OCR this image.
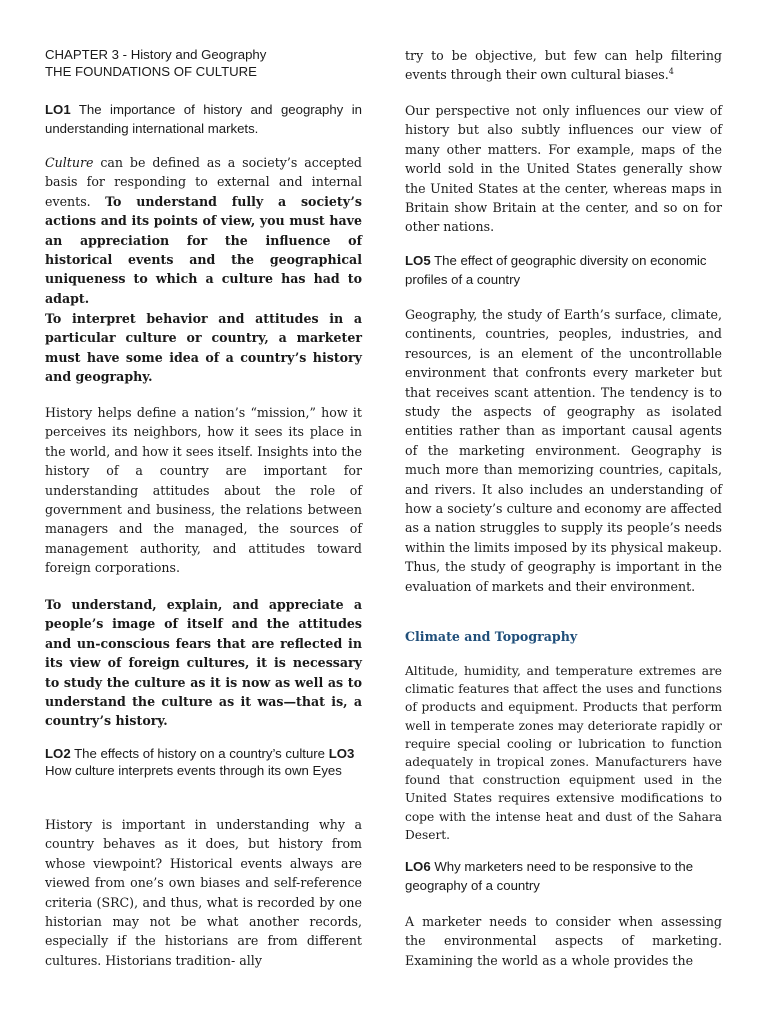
CHAPTER 3 - History and Geography
THE FOUNDATIONS OF CULTURE

LO1 The importance of history and geography in understanding international markets.

Culture can be defined as a society’s accepted basis for responding to external and internal events. To understand fully a society’s actions and its points of view, you must have an appreciation for the influence of historical events and the geographical uniqueness to which a culture has had to adapt.

To interpret behavior and attitudes in a particular culture or country, a marketer must have some idea of a country’s history and geography.

History helps define a nation’s “mission,” how it perceives its neighbors, how it sees its place in the world, and how it sees itself. Insights into the history of a country are important for understanding attitudes about the role of government and business, the relations between managers and the managed, the sources of management authority, and attitudes toward foreign corporations.

To understand, explain, and appreciate a people’s image of itself and the attitudes and un-conscious fears that are reflected in its view of foreign cultures, it is necessary to study the culture as it is now as well as to understand the culture as it was—that is, a country’s history.

LO2 The effects of history on a country’s culture LO3
How culture interprets events through its own Eyes

History is important in understanding why a country behaves as it does, but history from whose viewpoint? Historical events always are viewed from one’s own biases and self-reference criteria (SRC), and thus, what is recorded by one historian may not be what another records, especially if the historians are from different cultures. Historians tradition- ally

try to be objective, but few can help filtering events through their own cultural biases.$^4$

Our perspective not only influences our view of history but also subtly influences our view of many other matters. For example, maps of the world sold in the United States generally show the United States at the center, whereas maps in Britain show Britain at the center, and so on for other nations.

LO5 The effect of geographic diversity on economic profiles of a country

Geography, the study of Earth’s surface, climate, continents, countries, peoples, industries, and resources, is an element of the uncontrollable environment that confronts every marketer but that receives scant attention. The tendency is to study the aspects of geography as isolated entities rather than as important causal agents of the marketing environment. Geography is much more than memorizing countries, capitals, and rivers. It also includes an understanding of how a society’s culture and economy are affected as a nation struggles to supply its people’s needs within the limits imposed by its physical makeup. Thus, the study of geography is important in the evaluation of markets and their environment.

Climate and Topography

Altitude, humidity, and temperature extremes are climatic features that affect the uses and functions of products and equipment. Products that perform well in temperate zones may deteriorate rapidly or require special cooling or lubrication to function adequately in tropical zones. Manufacturers have found that construction equipment used in the United States requires extensive modifications to cope with the intense heat and dust of the Sahara Desert.

LO6 Why marketers need to be responsive to the geography of a country

A marketer needs to consider when assessing the environmental aspects of marketing. Examining the world as a whole provides the
